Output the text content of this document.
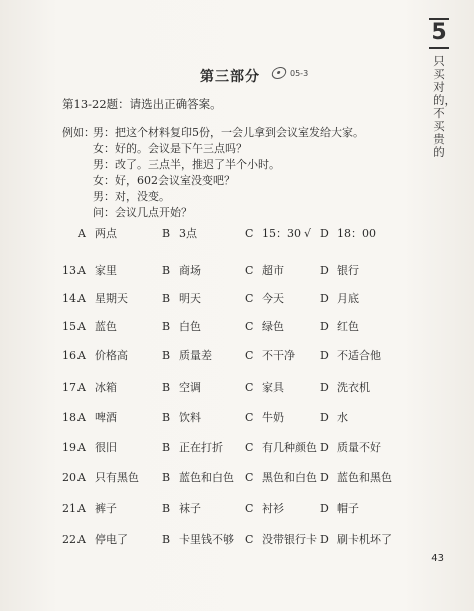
5
只买对的，不买贵的
第三部分	05-3
第13-22题：请选出正确答案。
例如：男：把这个材料复印5份，一会儿拿到会议室发给大家。
女：好的。会议是下午三点吗？
男：改了。三点半，推迟了半个小时。
女：好，602会议室没变吧？
男：对，没变。
问：会议几点开始？
A 两点	B 3点	C 15：30 √ D 18：00
13.
A 家里	B 商场	C 超市	D 银行
14.
A 星期天	B 明天	C 今天	D 月底
15.
A 蓝色	B 白色	C 绿色	D 红色
16.
A 价格高	B 质量差	C 不干净 D 不适合他
17.
A 冰箱	B 空调	C 家具	D 洗衣机
18.
A 啤酒	B 饮料	C 牛奶	D 水
19.
A 很旧	B 正在打折 C 有几种颜色 D 质量不好
20.
A 只有黑色 B 蓝色和白色 C 黑色和白色 D 蓝色和黑色
21.
A 裤子	B 袜子	C 衬衫	D 帽子
22.
A 停电了	B 卡里钱不够 C 没带银行卡 D 刷卡机坏了
43
